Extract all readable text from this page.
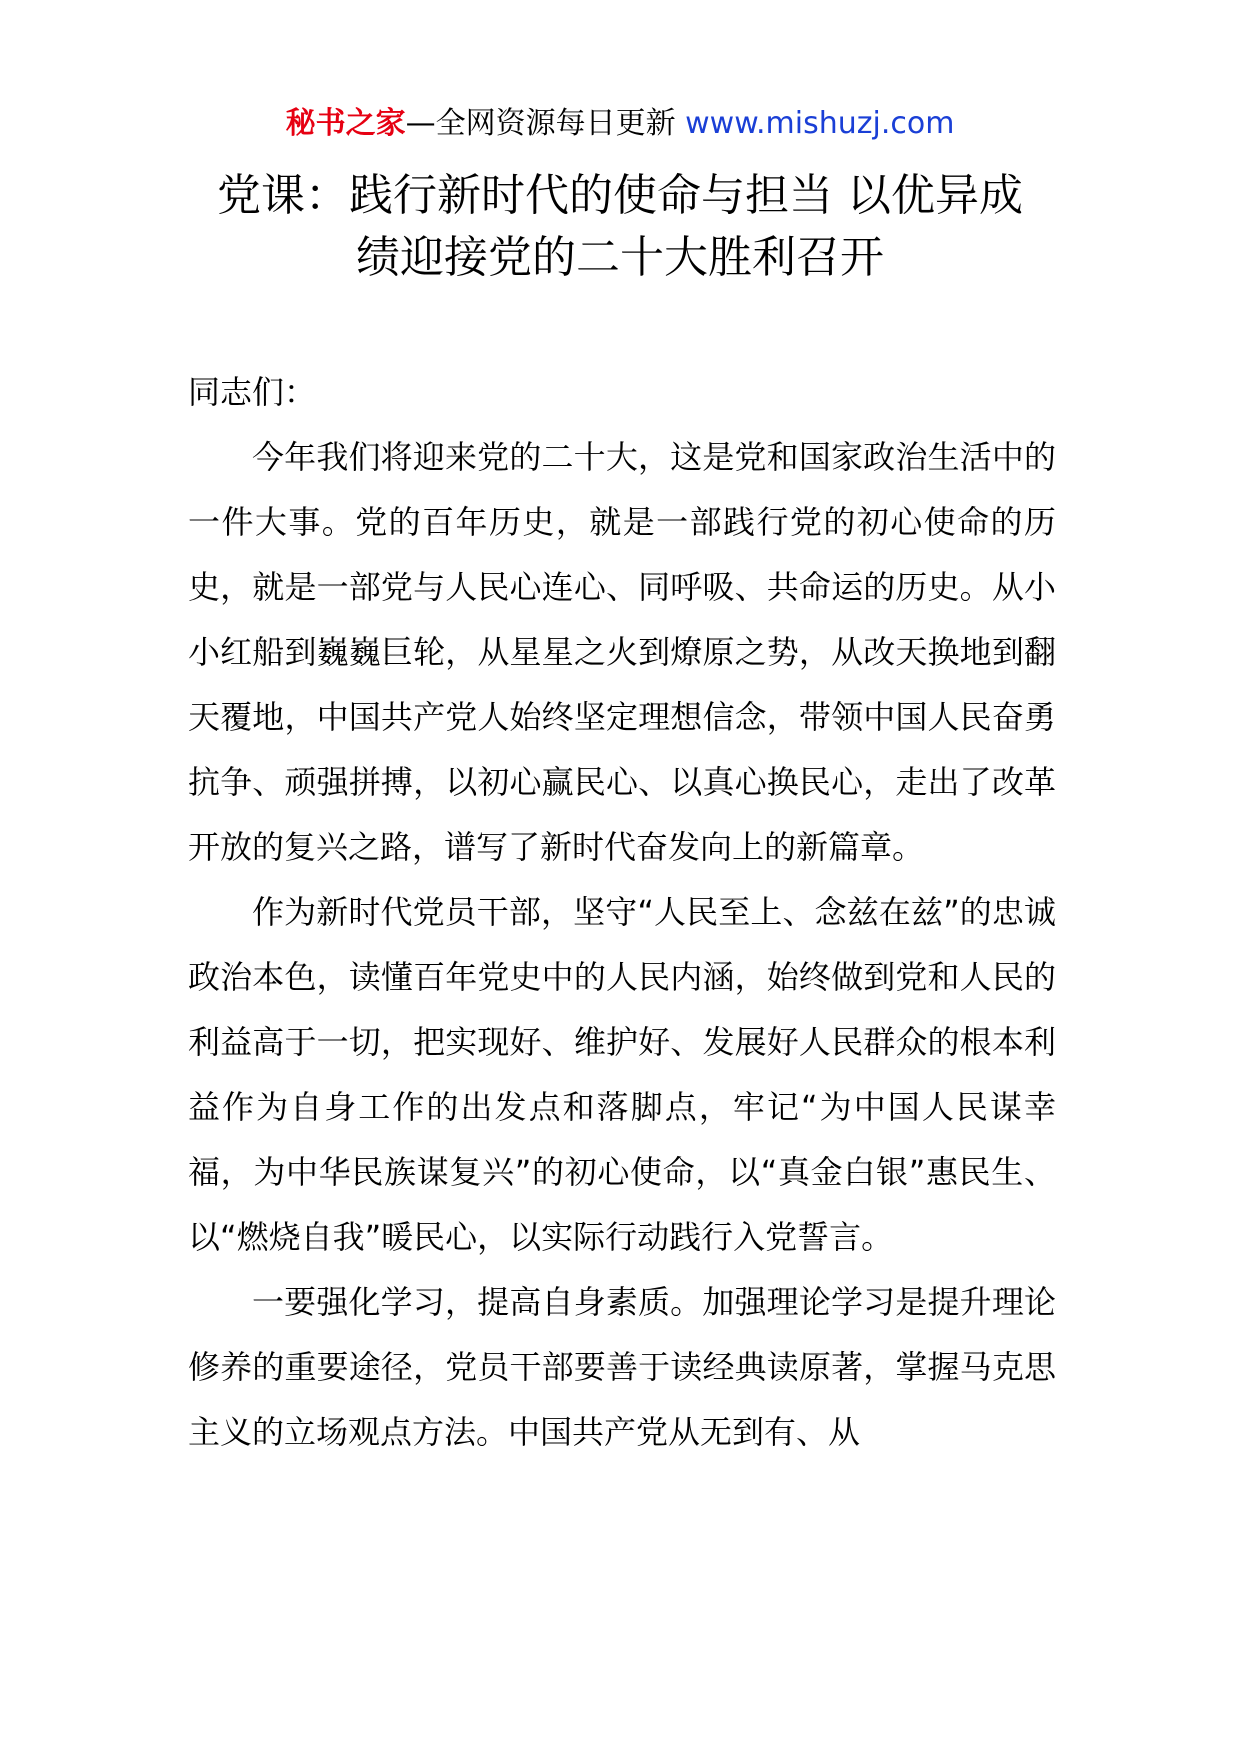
秘书之家—全网资源每日更新 www.mishuzj.com
党课：践行新时代的使命与担当 以优异成
绩迎接党的二十大胜利召开

同志们：

今年我们将迎来党的二十大，这是党和国家政治生活中的一件大事。党的百年历史，就是一部践行党的初心使命的历史，就是一部党与人民心连心、同呼吸、共命运的历史。从小小红船到巍巍巨轮，从星星之火到燎原之势，从改天换地到翻天覆地，中国共产党人始终坚定理想信念，带领中国人民奋勇抗争、顽强拼搏，以初心赢民心、以真心换民心，走出了改革开放的复兴之路，谱写了新时代奋发向上的新篇章。

作为新时代党员干部，坚守“人民至上、念兹在兹”的忠诚政治本色，读懂百年党史中的人民内涵，始终做到党和人民的利益高于一切，把实现好、维护好、发展好人民群众的根本利益作为自身工作的出发点和落脚点，牢记“为中国人民谋幸福，为中华民族谋复兴”的初心使命，以“真金白银”惠民生、以“燃烧自我”暖民心，以实际行动践行入党誓言。

一要强化学习，提高自身素质。加强理论学习是提升理论修养的重要途径，党员干部要善于读经典读原著，掌握马克思主义的立场观点方法。中国共产党从无到有、从
